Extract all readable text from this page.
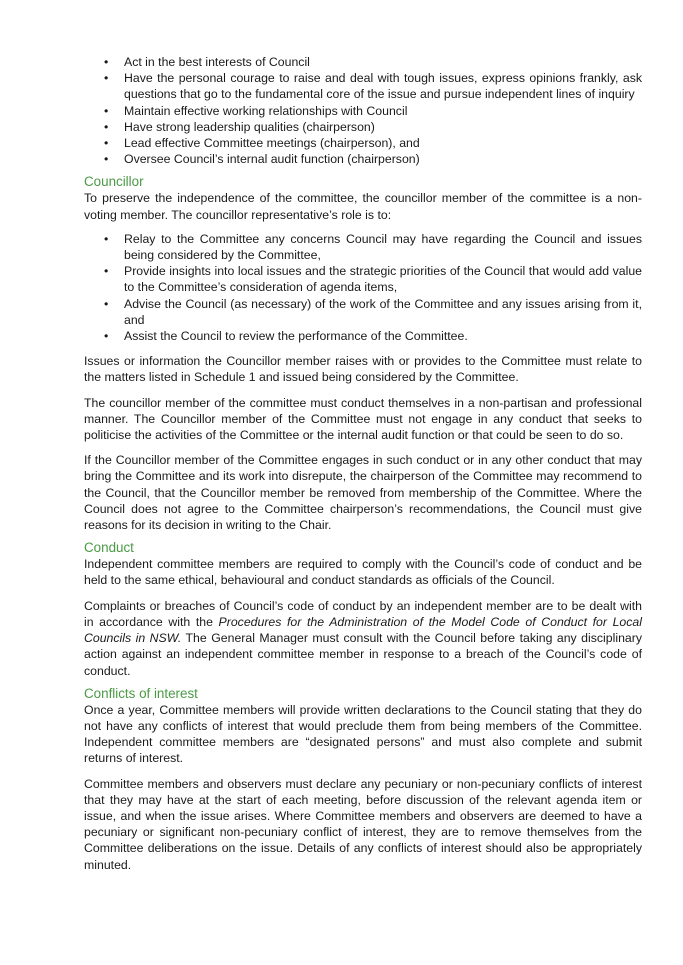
• Act in the best interests of Council
• Have the personal courage to raise and deal with tough issues, express opinions frankly, ask questions that go to the fundamental core of the issue and pursue independent lines of inquiry
• Maintain effective working relationships with Council
• Have strong leadership qualities (chairperson)
• Lead effective Committee meetings (chairperson), and
• Oversee Council’s internal audit function (chairperson)
Councillor

To preserve the independence of the committee, the councillor member of the committee is a non-voting member. The councillor representative’s role is to:

• Relay to the Committee any concerns Council may have regarding the Council and issues being considered by the Committee,
• Provide insights into local issues and the strategic priorities of the Council that would add value to the Committee’s consideration of agenda items,
• Advise the Council (as necessary) of the work of the Committee and any issues arising from it, and
• Assist the Council to review the performance of the Committee.

Issues or information the Councillor member raises with or provides to the Committee must relate to the matters listed in Schedule 1 and issued being considered by the Committee.

The councillor member of the committee must conduct themselves in a non-partisan and professional manner. The Councillor member of the Committee must not engage in any conduct that seeks to politicise the activities of the Committee or the internal audit function or that could be seen to do so.

If the Councillor member of the Committee engages in such conduct or in any other conduct that may bring the Committee and its work into disrepute, the chairperson of the Committee may recommend to the Council, that the Councillor member be removed from membership of the Committee. Where the Council does not agree to the Committee chairperson’s recommendations, the Council must give reasons for its decision in writing to the Chair.

Conduct

Independent committee members are required to comply with the Council’s code of conduct and be held to the same ethical, behavioural and conduct standards as officials of the Council.

Complaints or breaches of Council’s code of conduct by an independent member are to be dealt with in accordance with the Procedures for the Administration of the Model Code of Conduct for Local Councils in NSW. The General Manager must consult with the Council before taking any disciplinary action against an independent committee member in response to a breach of the Council’s code of conduct.

Conflicts of interest

Once a year, Committee members will provide written declarations to the Council stating that they do not have any conflicts of interest that would preclude them from being members of the Committee. Independent committee members are “designated persons” and must also complete and submit returns of interest.

Committee members and observers must declare any pecuniary or non-pecuniary conflicts of interest that they may have at the start of each meeting, before discussion of the relevant agenda item or issue, and when the issue arises. Where Committee members and observers are deemed to have a pecuniary or significant non-pecuniary conflict of interest, they are to remove themselves from the Committee deliberations on the issue. Details of any conflicts of interest should also be appropriately minuted.
